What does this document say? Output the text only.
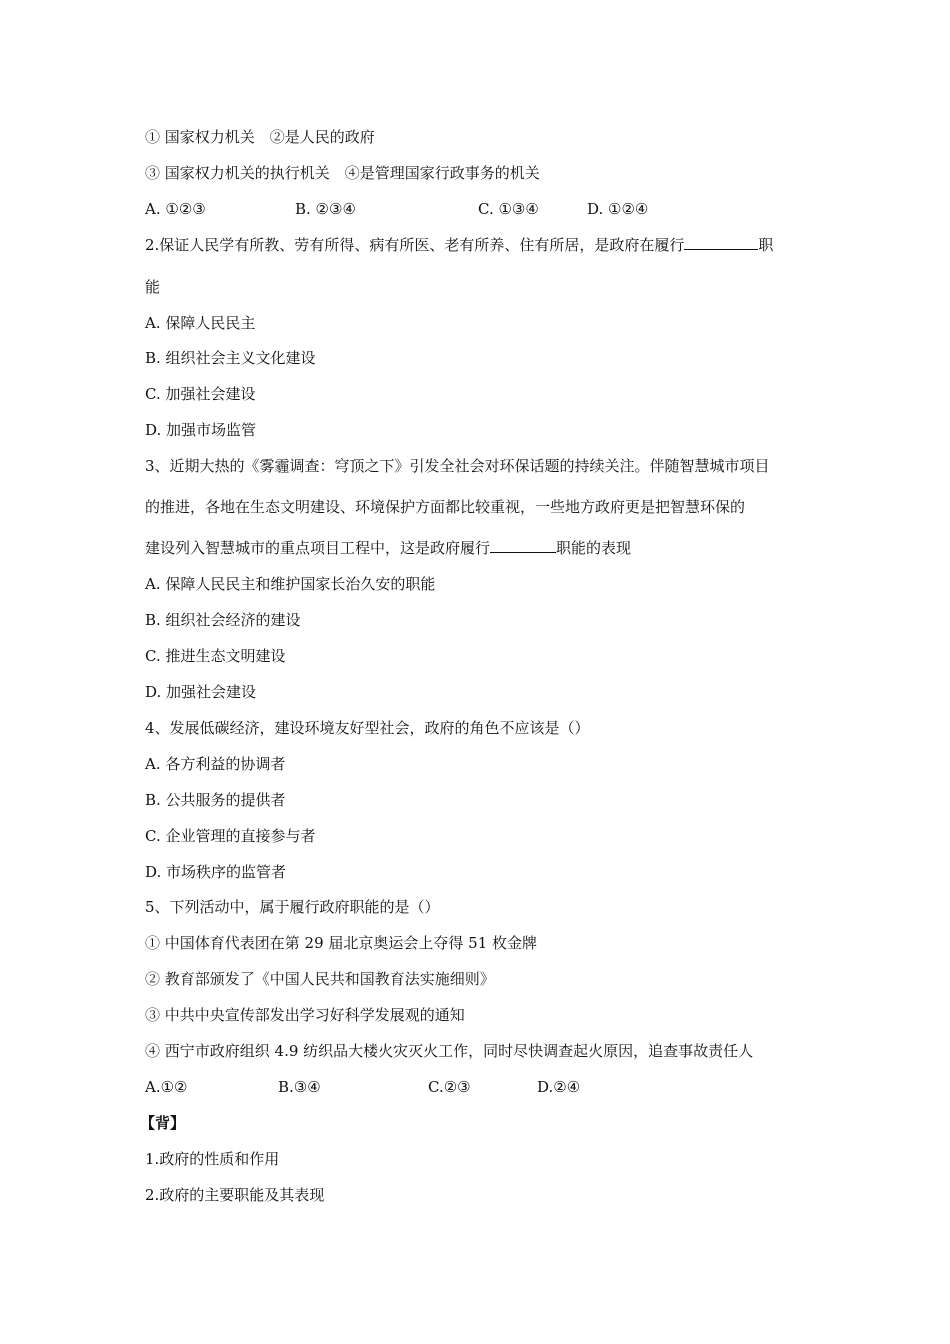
① 国家权力机关　②是人民的政府
③ 国家权力机关的执行机关　④是管理国家行政事务的机关
A. ①②③	B. ②③④	C. ①③④	D. ①②④
2.保证人民学有所教、劳有所得、病有所医、老有所养、住有所居，是政府在履行	职
能
A. 保障人民民主
B. 组织社会主义文化建设
C. 加强社会建设
D. 加强市场监管
3、近期大热的《雾霾调查：穹顶之下》引发全社会对环保话题的持续关注。伴随智慧城市项目
的推进，各地在生态文明建设、环境保护方面都比较重视，一些地方政府更是把智慧环保的
建设列入智慧城市的重点项目工程中，这是政府履行	职能的表现
A. 保障人民民主和维护国家长治久安的职能
B. 组织社会经济的建设
C. 推进生态文明建设
D. 加强社会建设
4、发展低碳经济，建设环境友好型社会，政府的角色不应该是（）
A. 各方利益的协调者
B. 公共服务的提供者
C. 企业管理的直接参与者
D. 市场秩序的监管者
5、下列活动中，属于履行政府职能的是（）
① 中国体育代表团在第 29 届北京奥运会上夺得 51 枚金牌
② 教育部颁发了《中国人民共和国教育法实施细则》
③ 中共中央宣传部发出学习好科学发展观的通知
④ 西宁市政府组织 4.9 纺织品大楼火灾灭火工作，同时尽快调查起火原因，追查事故责任人
A.①②	B.③④	C.②③	D.②④
【背】
1.政府的性质和作用
2.政府的主要职能及其表现
